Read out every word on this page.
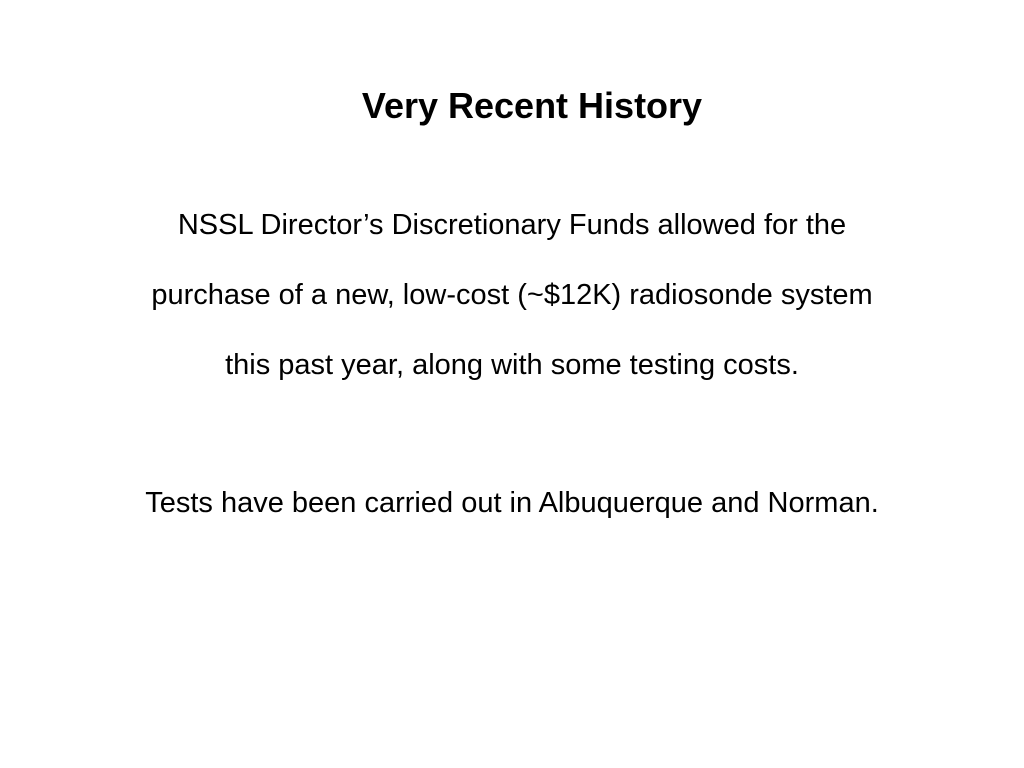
Very Recent History

NSSL Director’s Discretionary Funds allowed for the

purchase of a new, low-cost (~$12K) radiosonde system

this past year, along with some testing costs.

Tests have been carried out in Albuquerque and Norman.
